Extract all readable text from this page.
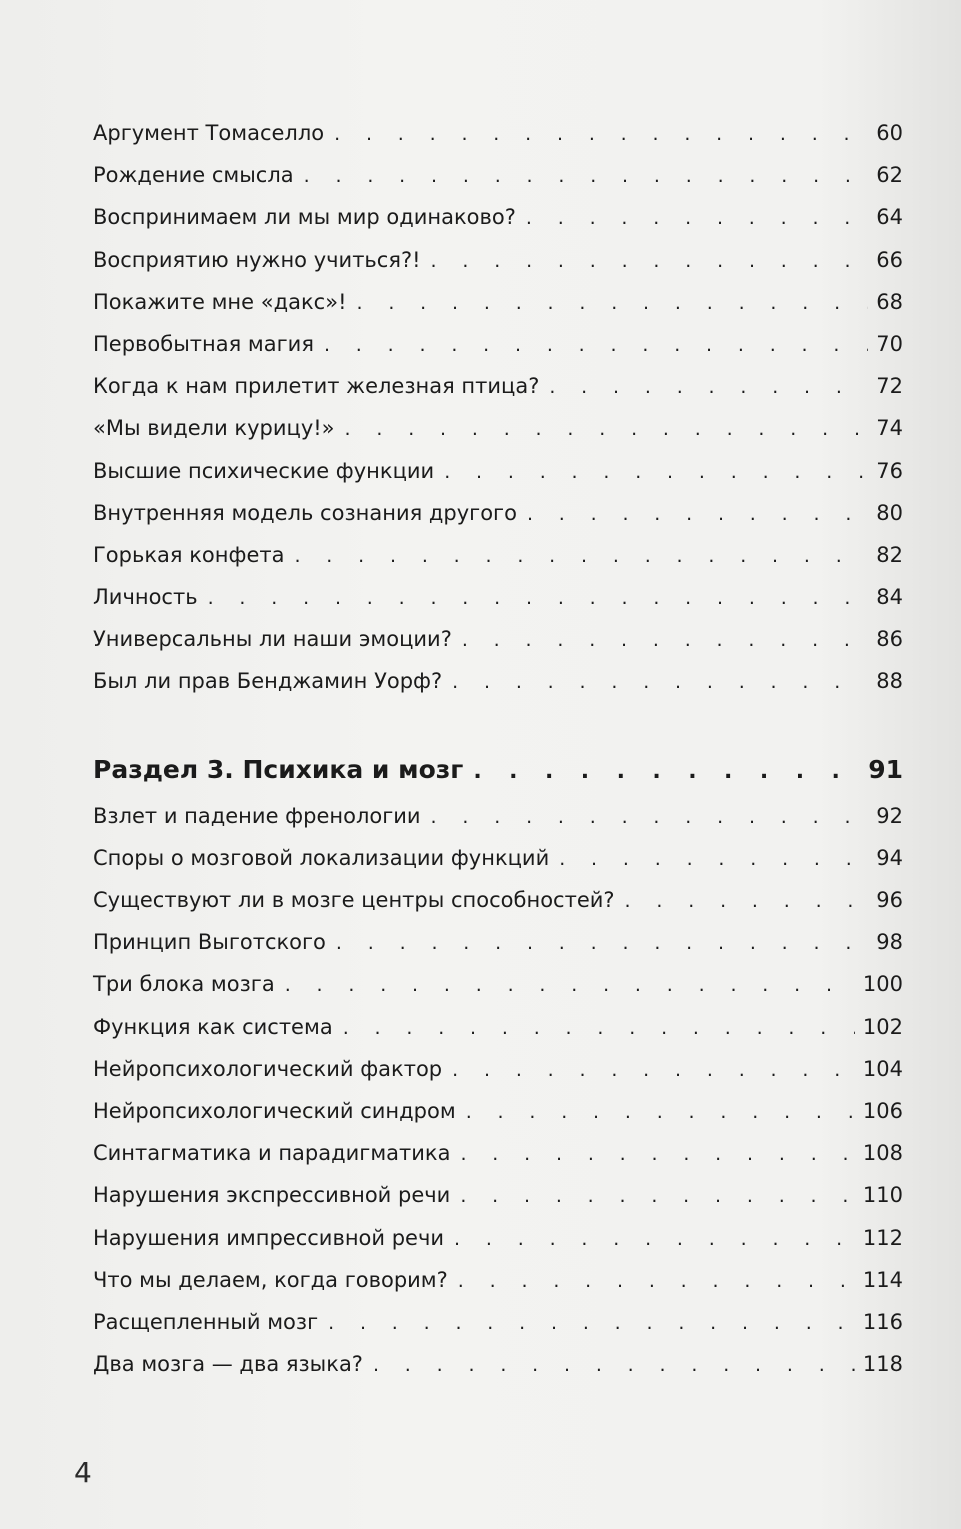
Аргумент Томаселло . . .	60
Рождение смысла . . .	62
Воспринимаем ли мы мир одинаково? . . .	64
Восприятию нужно учиться?! . . .	66
Покажите мне «дакс»! . . .	68
Первобытная магия . . .	70
Когда к нам прилетит железная птица? . . .	72
«Мы видели курицу!» . . .	74
Высшие психические функции . . .	76
Внутренняя модель сознания другого . . .	80
Горькая конфета . . .	82
Личность . . .	84
Универсальны ли наши эмоции? . . .	86
Был ли прав Бенджамин Уорф? . . .	88
Раздел 3. Психика и мозг . . .	91
Взлет и падение френологии . . .	92
Споры о мозговой локализации функций . . .	94
Существуют ли в мозге центры способностей? . . .	96
Принцип Выготского . . .	98
Три блока мозга . . .	100
Функция как система . . .	102
Нейропсихологический фактор . . .	104
Нейропсихологический синдром . . .	106
Синтагматика и парадигматика . . .	108
Нарушения экспрессивной речи . . .	110
Нарушения импрессивной речи . . .	112
Что мы делаем, когда говорим? . . .	114
Расщепленный мозг . . .	116
Два мозга — два языка? . . .	118
4
